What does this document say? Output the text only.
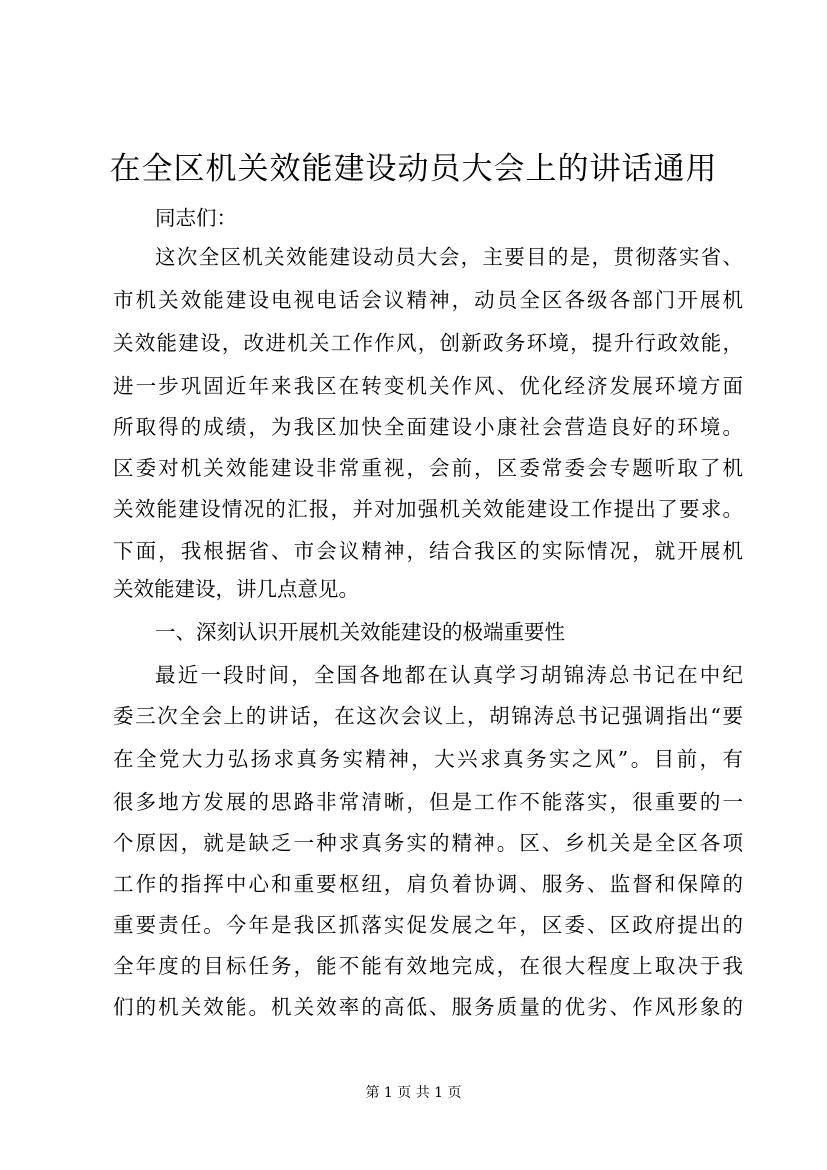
在全区机关效能建设动员大会上的讲话通用
同志们：
这次全区机关效能建设动员大会，主要目的是，贯彻落实省、
市机关效能建设电视电话会议精神，动员全区各级各部门开展机
关效能建设，改进机关工作作风，创新政务环境，提升行政效能，
进一步巩固近年来我区在转变机关作风、优化经济发展环境方面
所取得的成绩，为我区加快全面建设小康社会营造良好的环境。
区委对机关效能建设非常重视，会前，区委常委会专题听取了机
关效能建设情况的汇报，并对加强机关效能建设工作提出了要求。
下面，我根据省、市会议精神，结合我区的实际情况，就开展机
关效能建设，讲几点意见。
一、深刻认识开展机关效能建设的极端重要性
最近一段时间，全国各地都在认真学习胡锦涛总书记在中纪
委三次全会上的讲话，在这次会议上，胡锦涛总书记强调指出“要
在全党大力弘扬求真务实精神，大兴求真务实之风”。目前，有
很多地方发展的思路非常清晰，但是工作不能落实，很重要的一
个原因，就是缺乏一种求真务实的精神。区、乡机关是全区各项
工作的指挥中心和重要枢纽，肩负着协调、服务、监督和保障的
重要责任。今年是我区抓落实促发展之年，区委、区政府提出的
全年度的目标任务，能不能有效地完成，在很大程度上取决于我
们的机关效能。机关效率的高低、服务质量的优劣、作风形象的
第 1 页 共 1 页
